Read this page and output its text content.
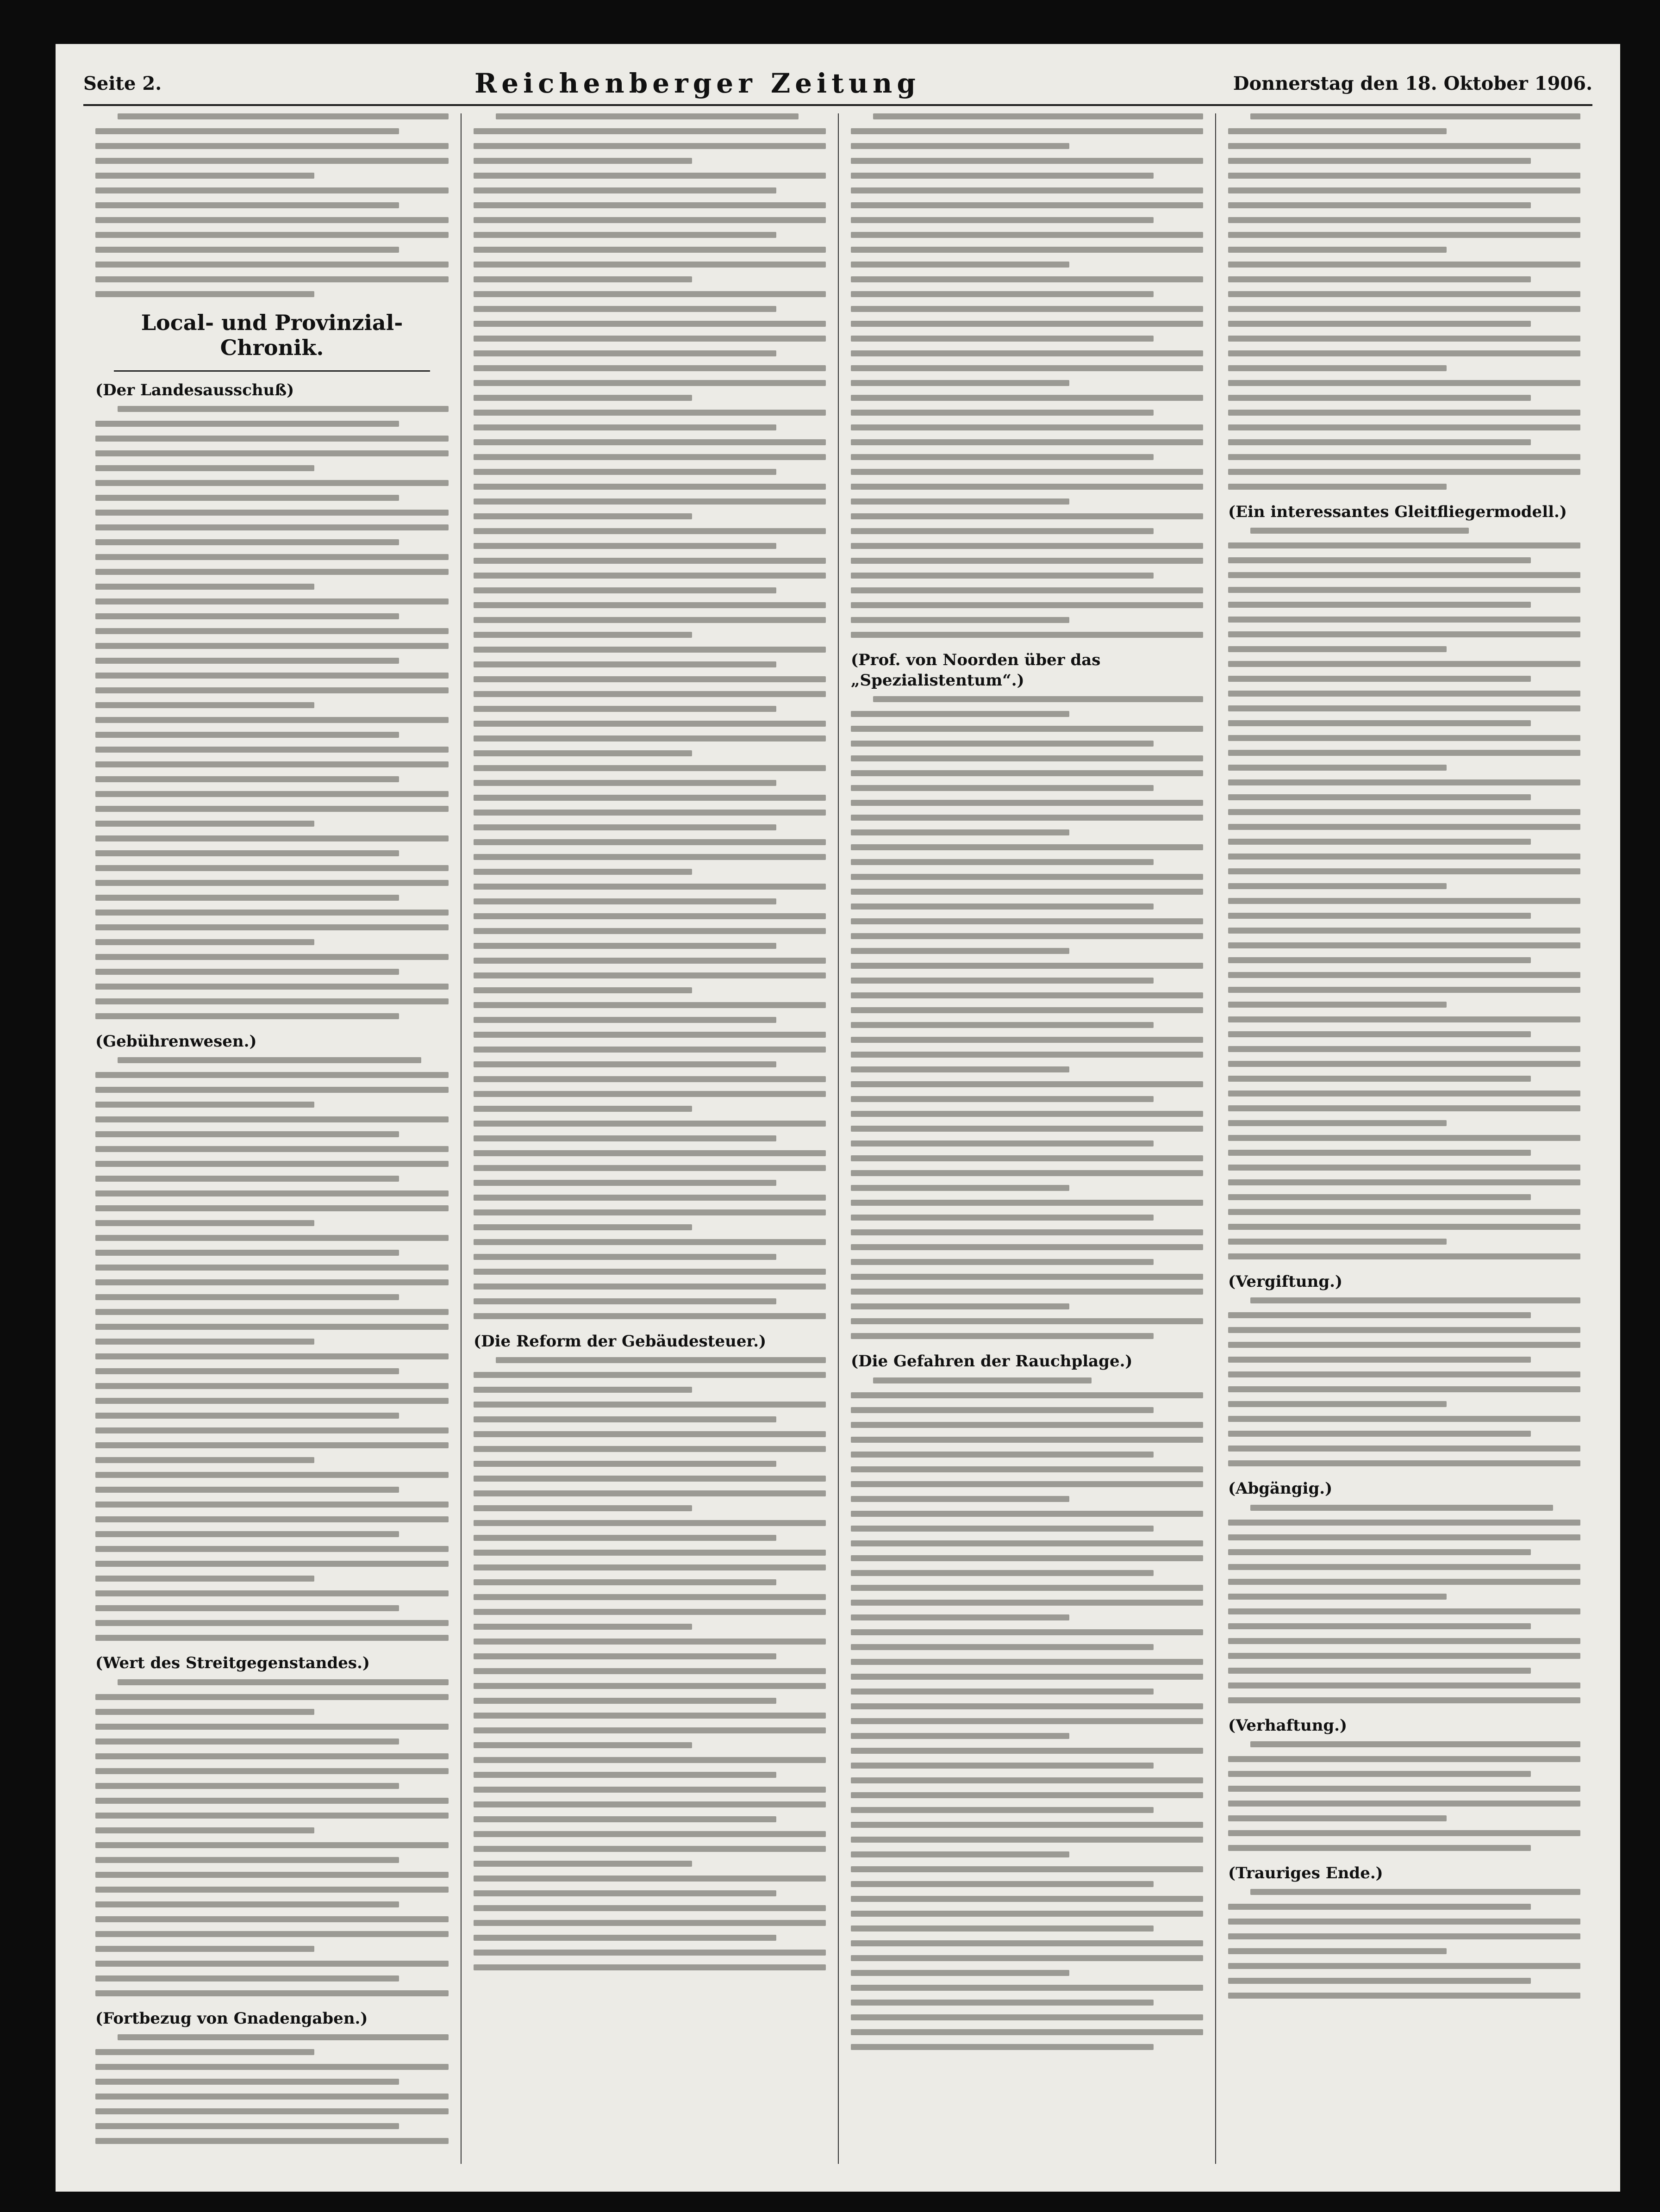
Seite 2.	Reichenberger Zeitung	Donnerstag den 18. Oktober 1906.
Local- und Provinzial-Chronik.
(Der Landesausschuß)
(Gebührenwesen.)
(Wert des Streitgegenstandes.)
(Fortbezug von Gnadengaben.)
(Die Reform der Gebäudesteuer.)
(Prof. von Noorden über das „Spezialistentum“.)
(Die Gefahren der Rauchplage.)
(Ein interessantes Gleitfliegermodell.)
(Vergiftung.)
(Abgängig.)
(Verhaftung.)
(Trauriges Ende.)
